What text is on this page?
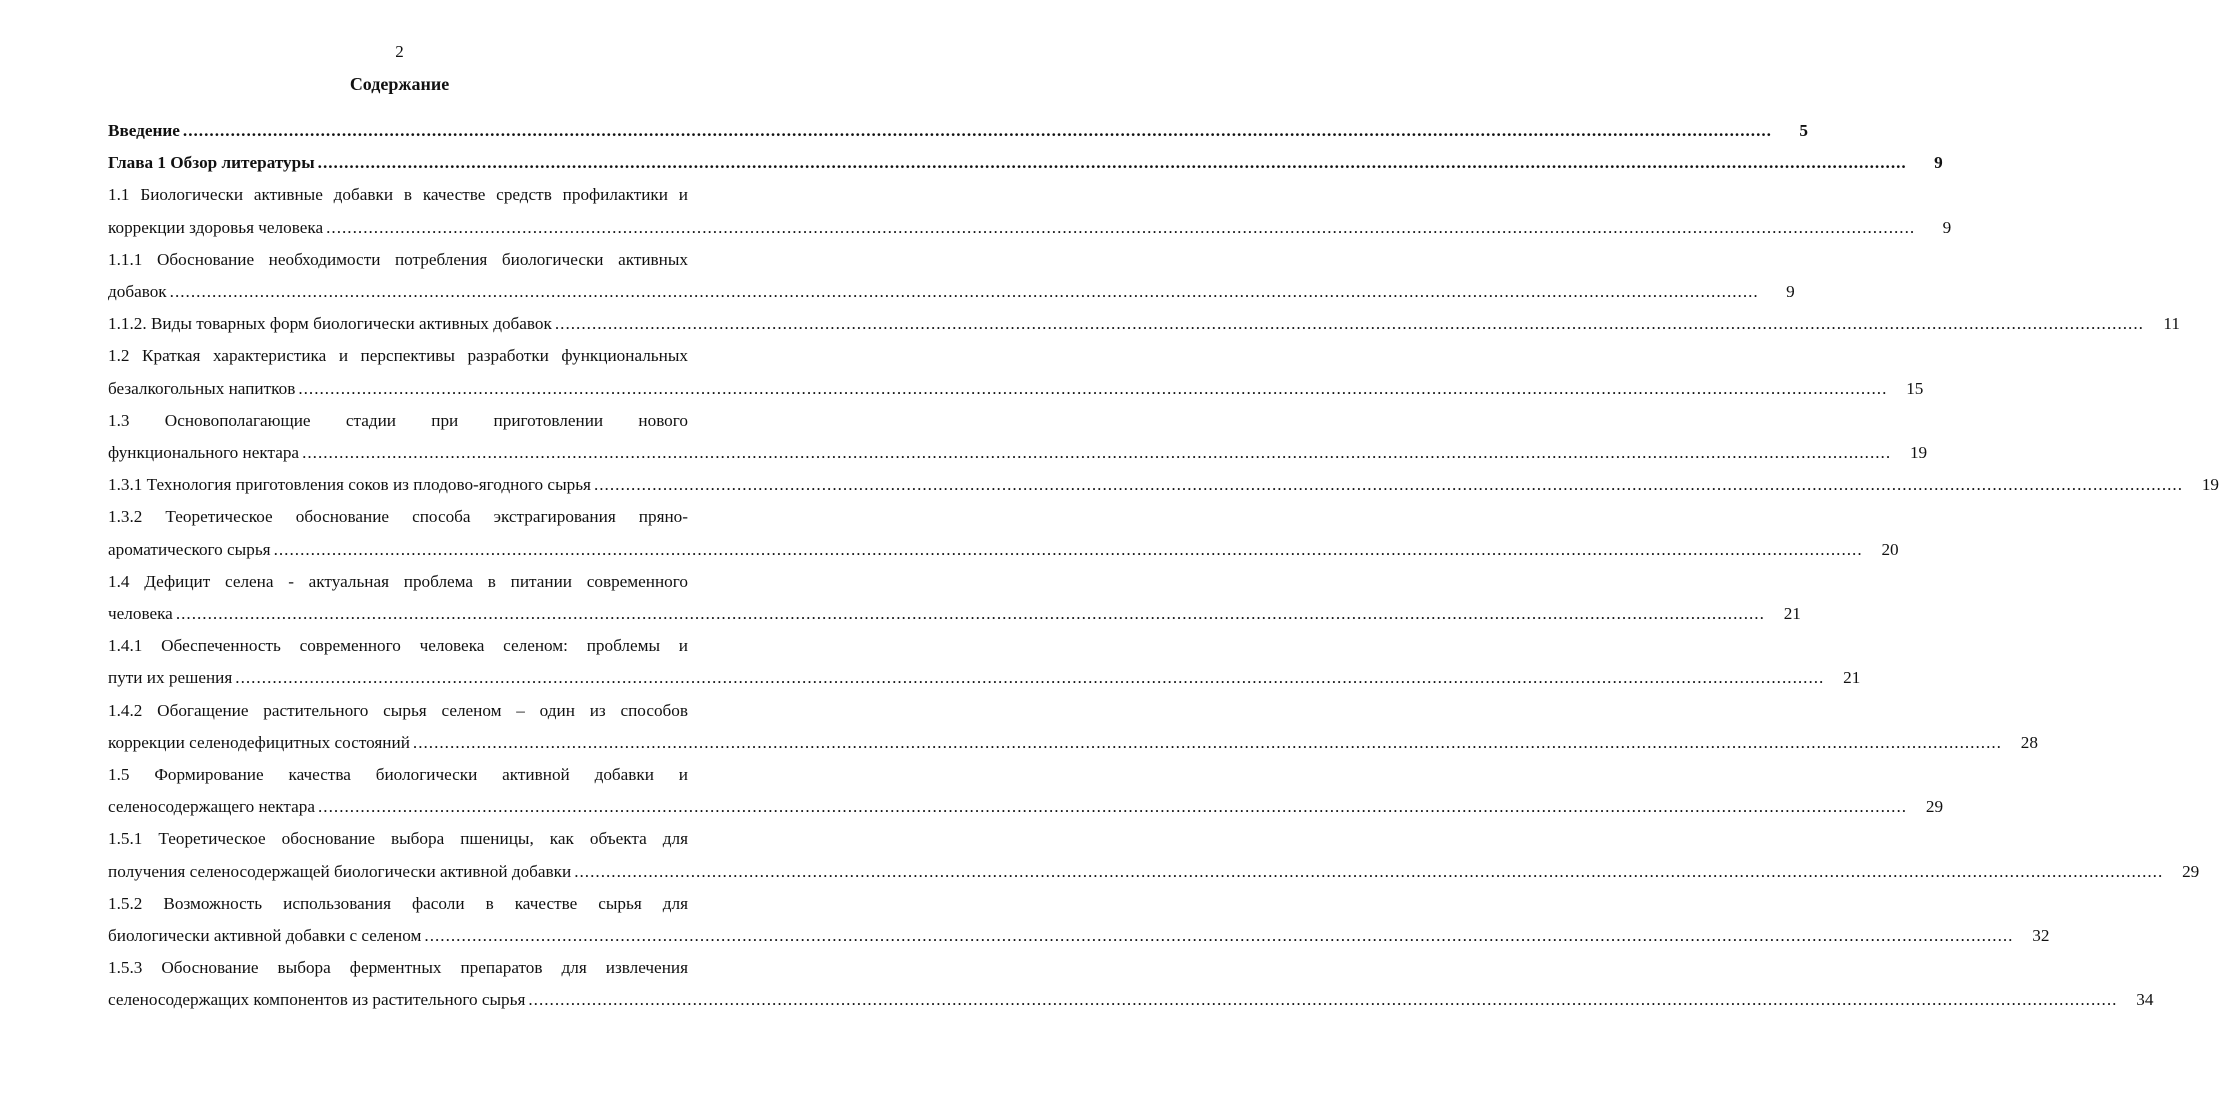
2
Содержание
Введение ............................................................................................................................................................................................................................................................................................................	5
Глава 1 Обзор литературы ............................................................................................................................................................................................................................................................................................................	9
1.1 Биологически активные добавки в качестве средств профилактики и
коррекции здоровья человека ............................................................................................................................................................................................................................................................................................................	9
1.1.1 Обоснование необходимости потребления биологически активных
добавок ............................................................................................................................................................................................................................................................................................................	9
1.1.2. Виды товарных форм биологически активных добавок ............................................................................................................................................................................................................................................................................................................	11
1.2 Краткая характеристика и перспективы разработки функциональных
безалкогольных напитков ............................................................................................................................................................................................................................................................................................................	15
1.3 Основополагающие стадии при приготовлении нового
функционального нектара ............................................................................................................................................................................................................................................................................................................	19
1.3.1 Технология приготовления соков из плодово-ягодного сырья ............................................................................................................................................................................................................................................................................................................	19
1.3.2 Теоретическое обоснование способа экстрагирования пряно-
ароматического сырья ............................................................................................................................................................................................................................................................................................................	20
1.4 Дефицит селена - актуальная проблема в питании современного
человека ............................................................................................................................................................................................................................................................................................................	21
1.4.1 Обеспеченность современного человека селеном: проблемы и
пути их решения ............................................................................................................................................................................................................................................................................................................	21
1.4.2 Обогащение растительного сырья селеном – один из способов
коррекции селенодефицитных состояний ............................................................................................................................................................................................................................................................................................................	28
1.5 Формирование качества биологически активной добавки и
селеносодержащего нектара ............................................................................................................................................................................................................................................................................................................	29
1.5.1 Теоретическое обоснование выбора пшеницы, как объекта для
получения селеносодержащей биологически активной добавки ............................................................................................................................................................................................................................................................................................................	29
1.5.2 Возможность использования фасоли в качестве сырья для
биологически активной добавки с селеном ............................................................................................................................................................................................................................................................................................................	32
1.5.3 Обоснование выбора ферментных препаратов для извлечения
селеносодержащих компонентов из растительного сырья ............................................................................................................................................................................................................................................................................................................	34
